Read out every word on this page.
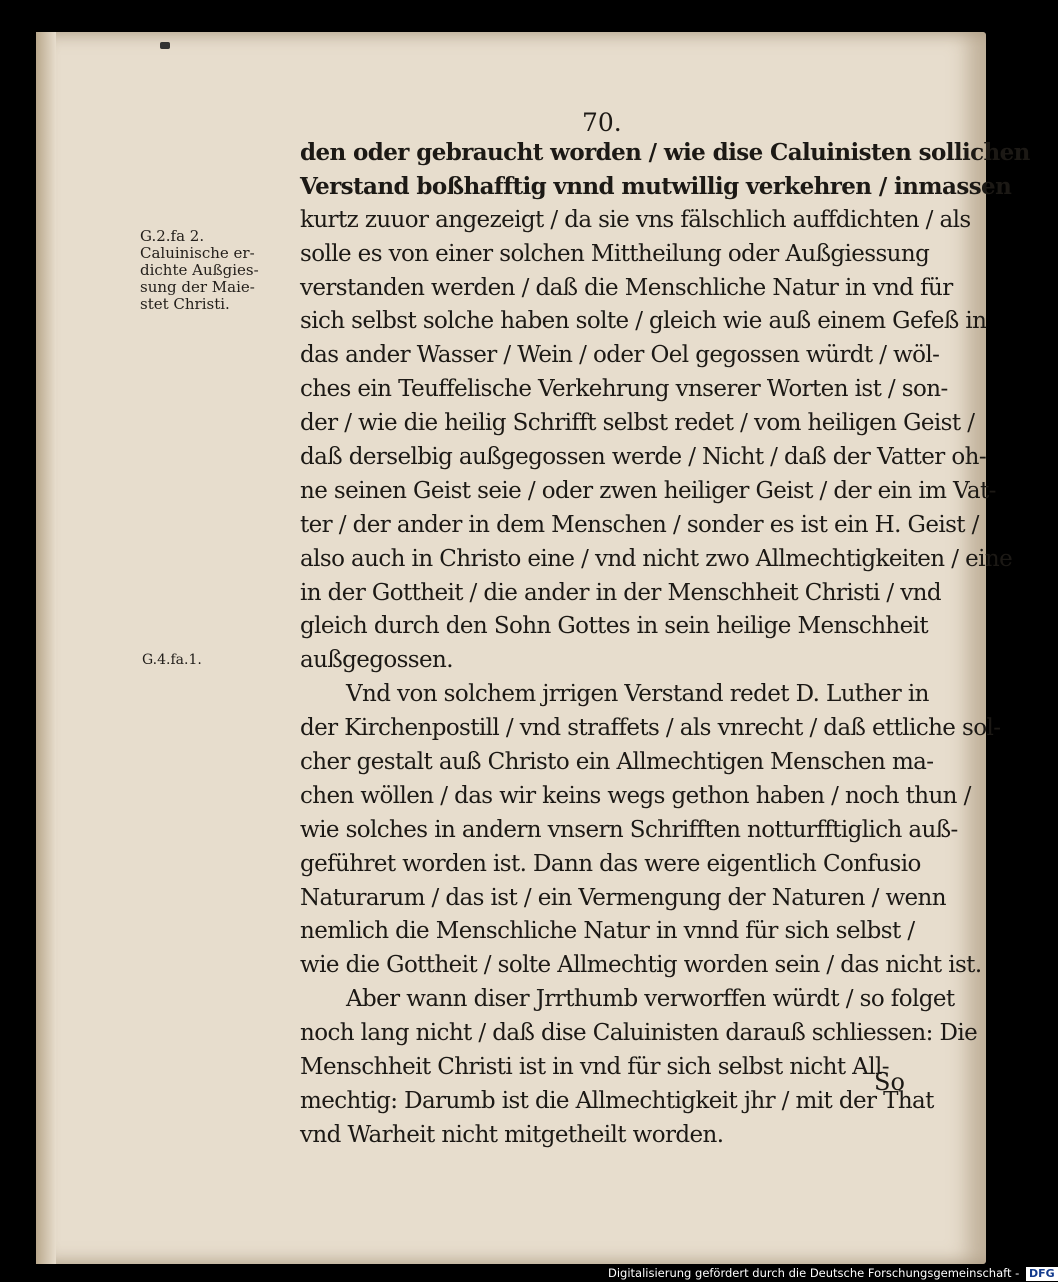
70.
G.2.fa 2.
Caluinische er-
dichte Außgies-
sung der Maie-
stet Christi.
G.4.fa.1.
den oder gebraucht worden / wie dise Caluinisten sollichen
Verstand boßhafftig vnnd mutwillig verkehren / inmassen
kurtz zuuor angezeigt / da sie vns fälschlich auffdichten / als
solle es von einer solchen Mittheilung oder Außgiessung
verstanden werden / daß die Menschliche Natur in vnd für
sich selbst solche haben solte / gleich wie auß einem Gefeß in
das ander Wasser / Wein / oder Oel gegossen würdt / wöl-
ches ein Teuffelische Verkehrung vnserer Worten ist / son-
der / wie die heilig Schrifft selbst redet / vom heiligen Geist /
daß derselbig außgegossen werde / Nicht / daß der Vatter oh-
ne seinen Geist seie / oder zwen heiliger Geist / der ein im Vat-
ter / der ander in dem Menschen / sonder es ist ein H. Geist /
also auch in Christo eine / vnd nicht zwo Allmechtigkeiten / eine
in der Gottheit / die ander in der Menschheit Christi / vnd
gleich durch den Sohn Gottes in sein heilige Menschheit
außgegossen.
Vnd von solchem jrrigen Verstand redet D. Luther in
der Kirchenpostill / vnd straffets / als vnrecht / daß ettliche sol-
cher gestalt auß Christo ein Allmechtigen Menschen ma-
chen wöllen / das wir keins wegs gethon haben / noch thun /
wie solches in andern vnsern Schrifften notturfftiglich auß-
geführet worden ist. Dann das were eigentlich Confusio
Naturarum / das ist / ein Vermengung der Naturen / wenn
nemlich die Menschliche Natur in vnnd für sich selbst /
wie die Gottheit / solte Allmechtig worden sein / das nicht ist.
Aber wann diser Jrrthumb verworffen würdt / so folget
noch lang nicht / daß dise Caluinisten darauß schliessen: Die
Menschheit Christi ist in vnd für sich selbst nicht All-
mechtig: Darumb ist die Allmechtigkeit jhr / mit der That
vnd Warheit nicht mitgetheilt worden.
So
Digitalisierung gefördert durch die Deutsche Forschungsgemeinschaft - DFG
